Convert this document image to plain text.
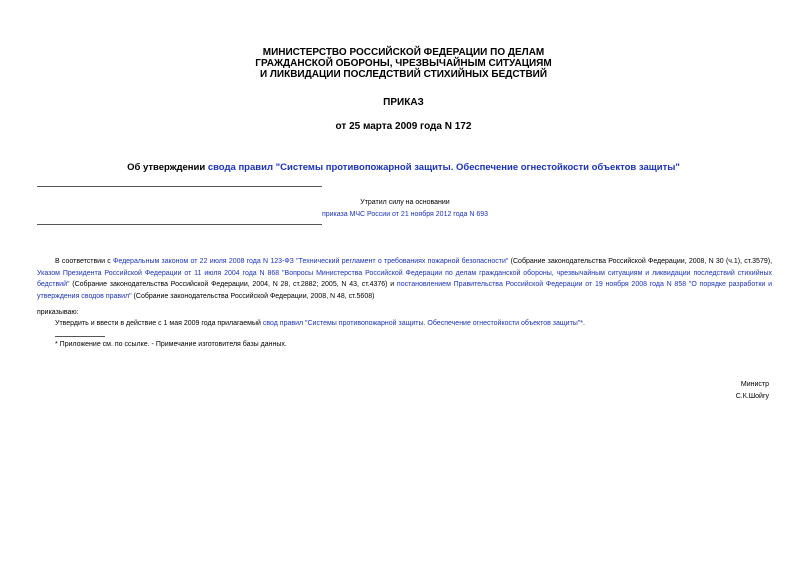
МИНИСТЕРСТВО РОССИЙСКОЙ ФЕДЕРАЦИИ ПО ДЕЛАМ
ГРАЖДАНСКОЙ ОБОРОНЫ, ЧРЕЗВЫЧАЙНЫМ СИТУАЦИЯМ
И ЛИКВИДАЦИИ ПОСЛЕДСТВИЙ СТИХИЙНЫХ БЕДСТВИЙ
ПРИКАЗ
от 25 марта 2009 года N 172
Об утверждении свода правил "Системы противопожарной защиты. Обеспечение огнестойкости объектов защиты"
Утратил силу на основании
приказа МЧС России от 21 ноября 2012 года N 693
В соответствии с Федеральным законом от 22 июля 2008 года N 123-ФЗ "Технический регламент о требованиях пожарной безопасности" (Собрание законодательства Российской Федерации, 2008, N 30 (ч.1), ст.3579), Указом Президента Российской Федерации от 11 июля 2004 года N 868 "Вопросы Министерства Российской Федерации по делам гражданской обороны, чрезвычайным ситуациям и ликвидации последствий стихийных бедствий" (Собрание законодательства Российской Федерации, 2004, N 28, ст.2882; 2005, N 43, ст.4376) и постановлением Правительства Российской Федерации от 19 ноября 2008 года N 858 "О порядке разработки и утверждения сводов правил" (Собрание законодательства Российской Федерации, 2008, N 48, ст.5608)
приказываю:
Утвердить и ввести в действие с 1 мая 2009 года прилагаемый свод правил "Системы противопожарной защиты. Обеспечение огнестойкости объектов защиты"*.
* Приложение см. по ссылке. - Примечание изготовителя базы данных.
Министр
С.К.Шойгу
